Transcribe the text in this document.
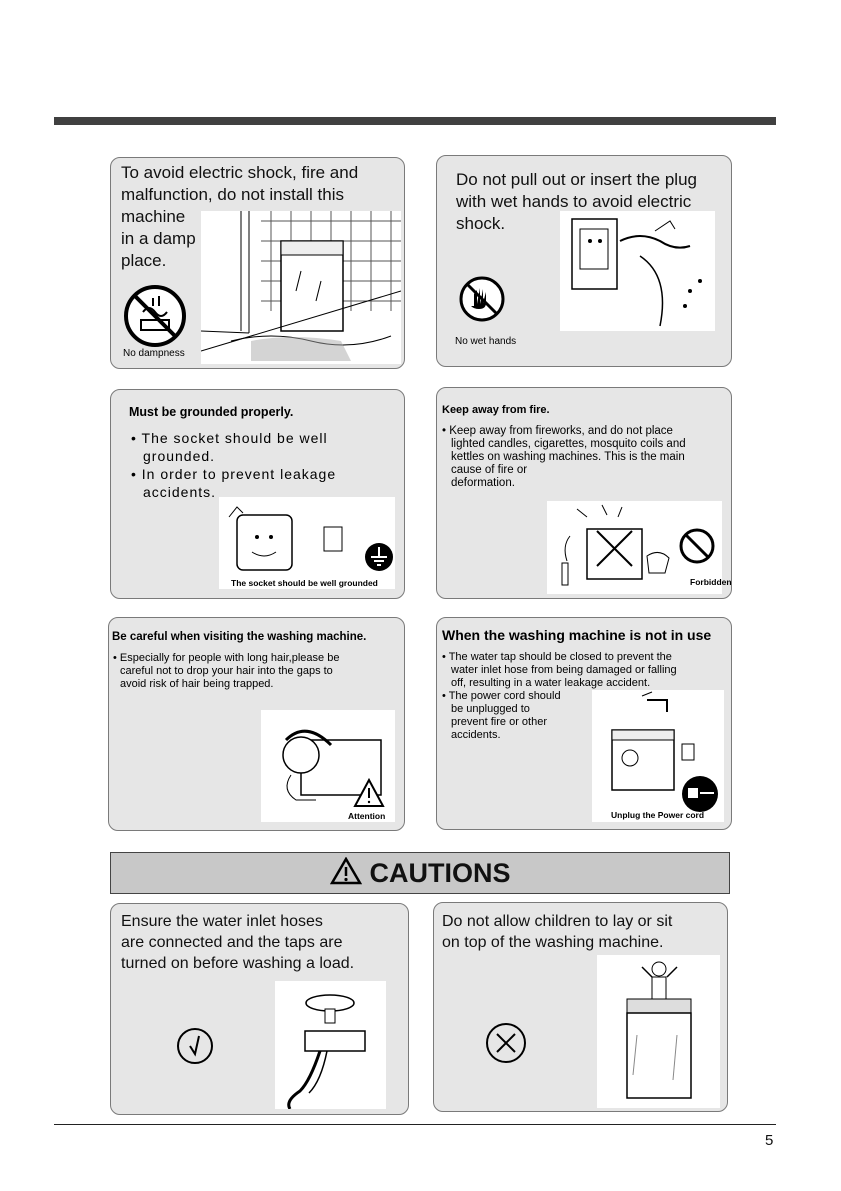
To avoid electric shock, fire and
malfunction, do not install this
machine
in a damp
place.
No dampness
Do not pull out or insert the plug
with wet hands to avoid electric
shock.
No wet hands
Must be grounded properly.
• The socket should be well
grounded.
• In order to prevent leakage
accidents.
The socket should be well grounded
Keep away from fire.
• Keep away from fireworks, and do not place
lighted candles, cigarettes, mosquito coils and
kettles on washing machines. This is the main
cause of fire or
deformation.
Forbidden
Be careful when visiting the washing machine.
• Especially for people with long hair,please be
careful not to drop your hair into the gaps to
avoid risk of hair being trapped.
Attention
When the washing machine is not in use
• The water tap should be closed to prevent the
water inlet hose from being damaged or falling
off, resulting in a water leakage accident.
• The power cord should
be unplugged to
prevent fire or other
accidents.
Unplug the Power cord
CAUTIONS
Ensure the water inlet hoses
are connected and the taps are
turned on before washing a load.
Do not allow children to lay or sit
on top of the washing machine.
5
